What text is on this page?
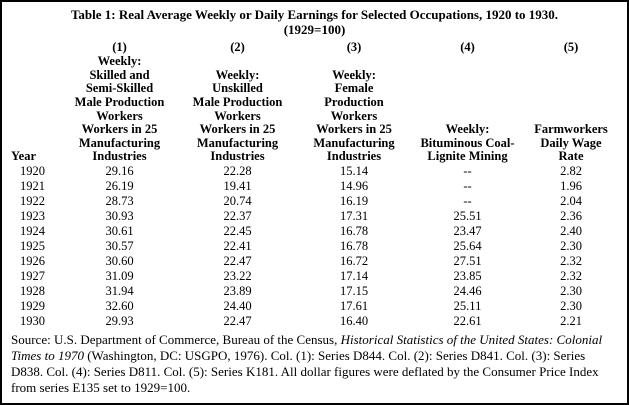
Table 1: Real Average Weekly or Daily Earnings for Selected Occupations, 1920 to 1930.
(1929=100)
Year	
(1)
Weekly:
Skilled and
Semi-Skilled
Male Production
Workers
Workers in 25
Manufacturing
Industries

(2)
Weekly:
Unskilled
Male Production
Workers
Workers in 25
Manufacturing
Industries

(3)
Weekly:
Female
Production
Workers
Workers in 25
Manufacturing
Industries

(4)
Weekly:
Bituminous Coal-
Lignite Mining

(5)
Farmworkers
Daily Wage
Rate

1920	29.16	22.28	15.14	--	2.82
1921	26.19	19.41	14.96	--	1.96
1922	28.73	20.74	16.19	--	2.04
1923	30.93	22.37	17.31	25.51	2.36
1924	30.61	22.45	16.78	23.47	2.40
1925	30.57	22.41	16.78	25.64	2.30
1926	30.60	22.47	16.72	27.51	2.32
1927	31.09	23.22	17.14	23.85	2.32
1928	31.94	23.89	17.15	24.46	2.30
1929	32.60	24.40	17.61	25.11	2.30
1930	29.93	22.47	16.40	22.61	2.21
Source: U.S. Department of Commerce, Bureau of the Census, Historical Statistics of the United States: Colonial Times to 1970 (Washington, DC: USGPO, 1976). Col. (1): Series D844. Col. (2): Series D841. Col. (3): Series D838. Col. (4): Series D811. Col. (5): Series K181. All dollar figures were deflated by the Consumer Price Index from series E135 set to 1929=100.
